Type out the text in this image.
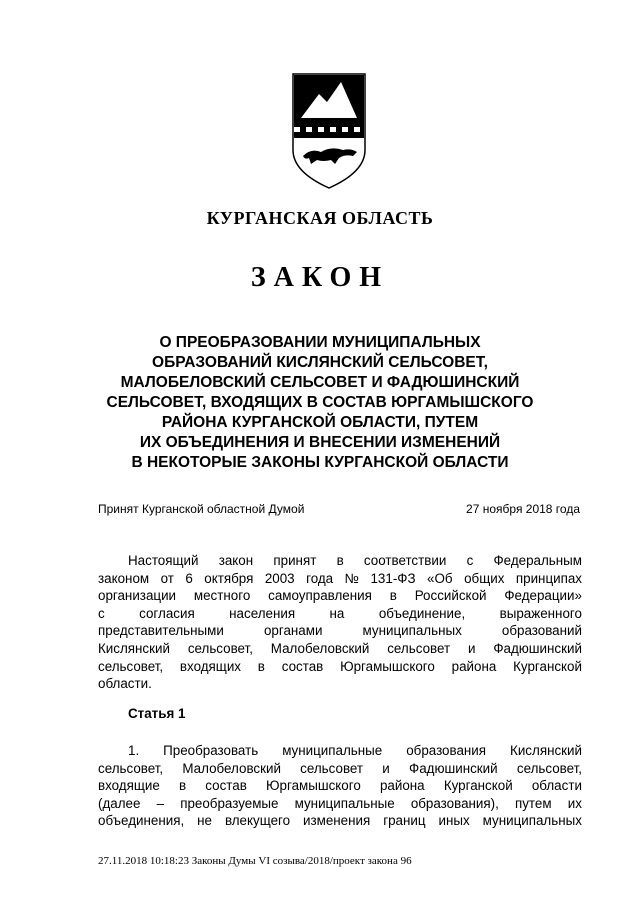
КУРГАНСКАЯ ОБЛАСТЬ
ЗАКОН
О ПРЕОБРАЗОВАНИИ МУНИЦИПАЛЬНЫХ
ОБРАЗОВАНИЙ КИСЛЯНСКИЙ СЕЛЬСОВЕТ,
МАЛОБЕЛОВСКИЙ СЕЛЬСОВЕТ И ФАДЮШИНСКИЙ
СЕЛЬСОВЕТ, ВХОДЯЩИХ В СОСТАВ ЮРГАМЫШСКОГО
РАЙОНА КУРГАНСКОЙ ОБЛАСТИ, ПУТЕМ
ИХ ОБЪЕДИНЕНИЯ И ВНЕСЕНИИ ИЗМЕНЕНИЙ
В НЕКОТОРЫЕ ЗАКОНЫ КУРГАНСКОЙ ОБЛАСТИ
Принят Курганской областной Думой	27 ноября 2018 года
Настоящий закон принят в соответствии с Федеральным
законом от 6 октября 2003 года № 131-ФЗ «Об общих принципах
организации местного самоуправления в Российской Федерации»
с	согласия	населения	на	объединение,	выраженного
представительными	органами	муниципальных	образований
Кислянский сельсовет, Малобеловский сельсовет и Фадюшинский
сельсовет, входящих в состав Юргамышского района Курганской
области.
Статья 1
1. Преобразовать муниципальные образования Кислянский
сельсовет, Малобеловский сельсовет и Фадюшинский сельсовет,
входящие в состав Юргамышского района Курганской области
(далее – преобразуемые муниципальные образования), путем их
объединения, не влекущего изменения границ иных муниципальных
27.11.2018 10:18:23 Законы Думы VI созыва/2018/проект закона 96
